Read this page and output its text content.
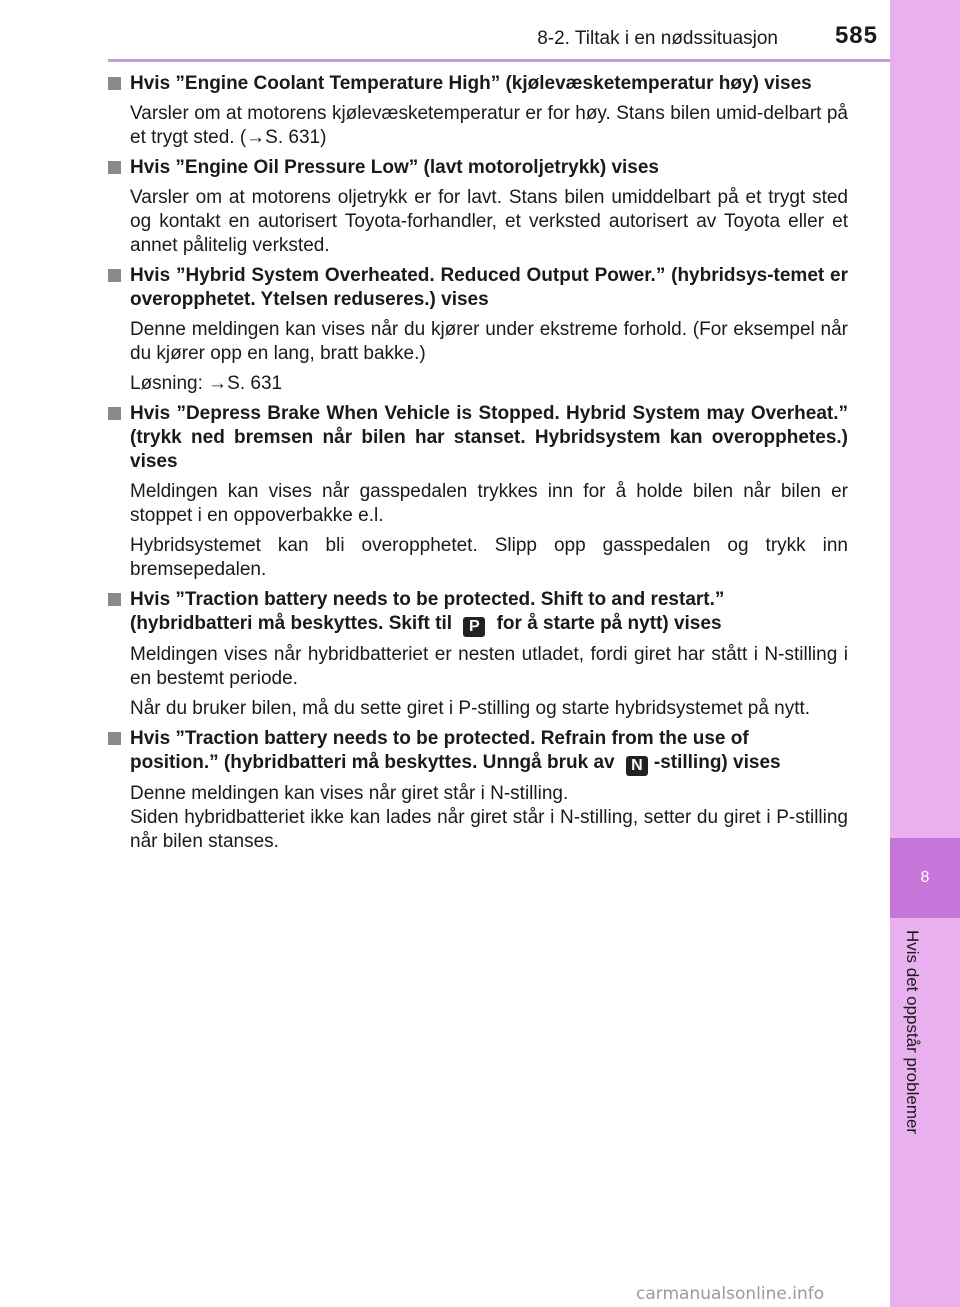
8-2. Tiltak i en nødssituasjon 585
8
Hvis det oppstår problemer
Hvis ”Engine Coolant Temperature High” (kjølevæsketemperatur høy) vises
Varsler om at motorens kjølevæsketemperatur er for høy. Stans bilen umid-delbart på et trygt sted. (→S. 631)
Hvis ”Engine Oil Pressure Low” (lavt motoroljetrykk) vises
Varsler om at motorens oljetrykk er for lavt. Stans bilen umiddelbart på et trygt sted og kontakt en autorisert Toyota-forhandler, et verksted autorisert av Toyota eller et annet pålitelig verksted.
Hvis ”Hybrid System Overheated. Reduced Output Power.” (hybridsys-temet er overopphetet. Ytelsen reduseres.) vises
Denne meldingen kan vises når du kjører under ekstreme forhold. (For eksempel når du kjører opp en lang, bratt bakke.)
Løsning: →S. 631
Hvis ”Depress Brake When Vehicle is Stopped. Hybrid System may Overheat.” (trykk ned bremsen når bilen har stanset. Hybridsystem kan overopphetes.) vises
Meldingen kan vises når gasspedalen trykkes inn for å holde bilen når bilen er stoppet i en oppoverbakke e.l.
Hybridsystemet kan bli overopphetet. Slipp opp gasspedalen og trykk inn bremsepedalen.
Hvis ”Traction battery needs to be protected. Shift to and restart.”
(hybridbatteri må beskyttes. Skift til P for å starte på nytt) vises
Meldingen vises når hybridbatteriet er nesten utladet, fordi giret har stått i N-stilling i en bestemt periode.
Når du bruker bilen, må du sette giret i P-stilling og starte hybridsystemet på nytt.
Hvis ”Traction battery needs to be protected. Refrain from the use of
position.” (hybridbatteri må beskyttes. Unngå bruk av N -stilling) vises
Denne meldingen kan vises når giret står i N-stilling.
Siden hybridbatteriet ikke kan lades når giret står i N-stilling, setter du giret i P-stilling når bilen stanses.
carmanualsonline.info
